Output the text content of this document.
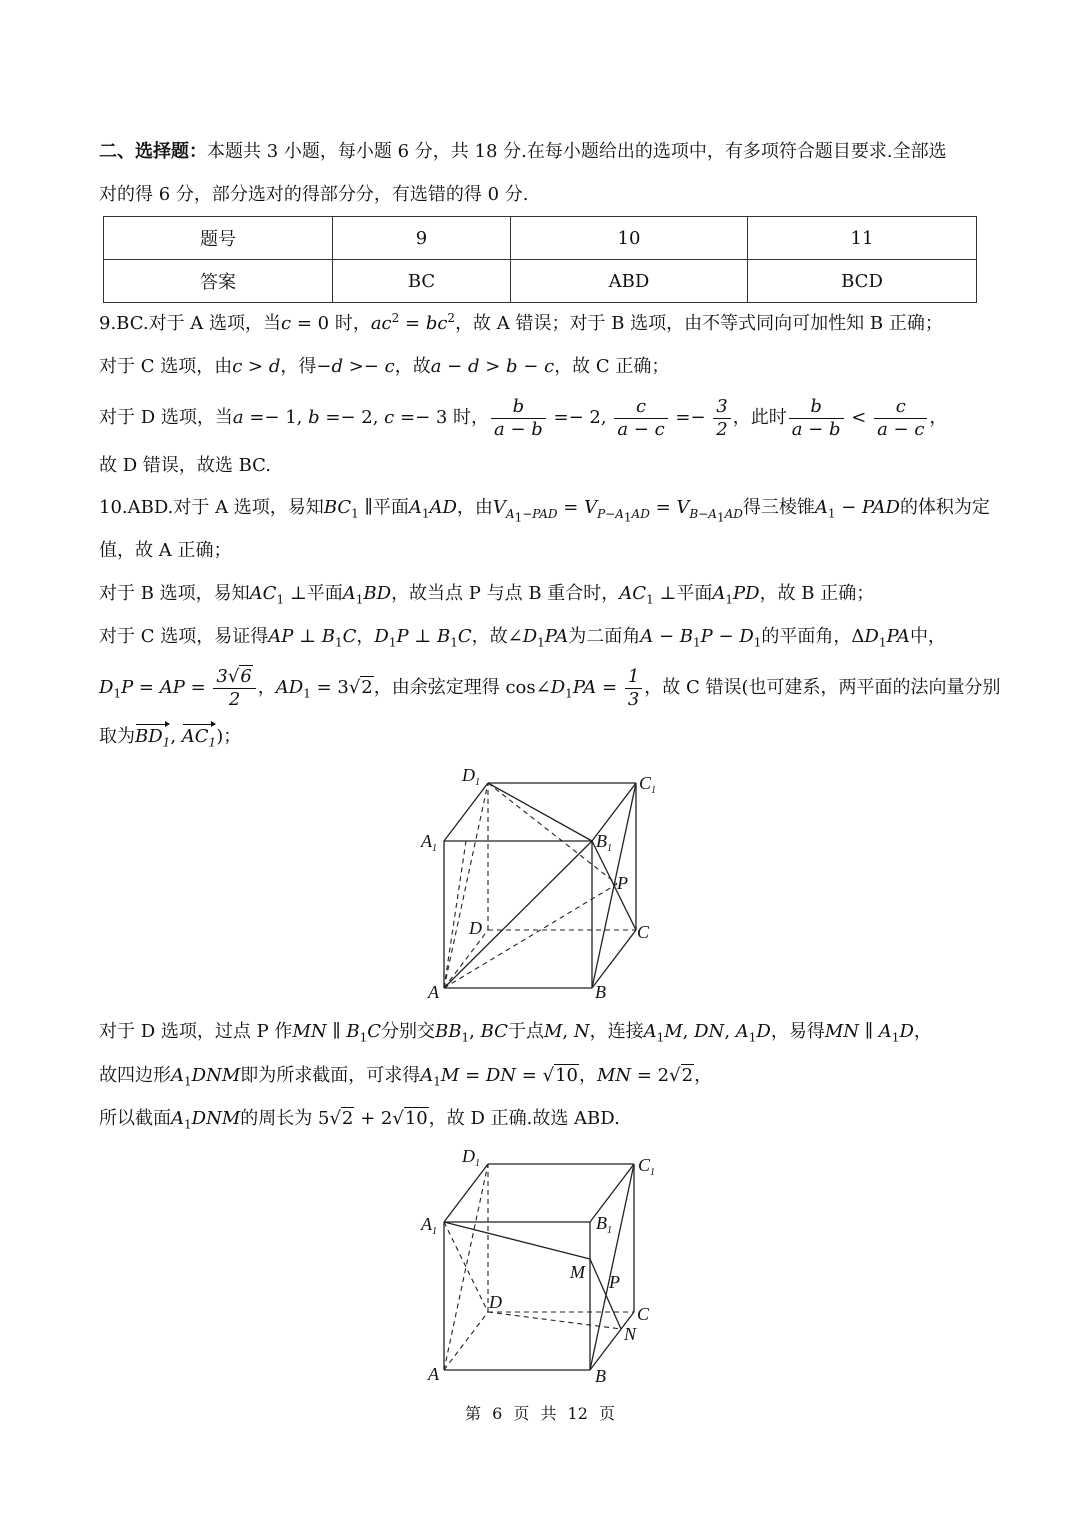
二、选择题：本题共 3 小题，每小题 6 分，共 18 分.在每小题给出的选项中，有多项符合题目要求.全部选
对的得 6 分，部分选对的得部分分，有选错的得 0 分.
题号	9	10	11
答案	BC	ABD	BCD
9.BC.对于 A 选项，当c = 0 时，$ac^2 = bc^2$，故 A 错误；对于 B 选项，由不等式同向可加性知 B 正确；
对于 C 选项，由c > d，得−d >− c，故a − d > b − c，故 C 正确；
对于 D 选项，当a =− 1, b =− 2, c =− 3 时， $\frac{b}{a - b} =- 2$, $\frac{c}{a - c} =- \frac{3}{2}$ ，此时 $\frac{b}{a - b} < \frac{c}{a - c}$ ，
故 D 错误，故选 BC.
10.ABD.对于 A 选项，易知$BC_1$ ∥平面$A_1AD$，由$V_{A_1-PAD} = V_{P-A_1AD} = V_{B-A_1AD}$得三棱锥$A_1$ − PAD的体积为定
值，故 A 正确；
对于 B 选项，易知$AC_1$ ⊥平面$A_1BD$，故当点 P 与点 B 重合时，$AC_1$ ⊥平面$A_1PD$，故 B 正确；
对于 C 选项，易证得AP ⊥ $B_1C$，$D_1P$ ⊥ $B_1C$，故$\angle D_1PA$为二面角$A - B_1P - D_1$的平面角，$\Delta D_1PA$中，
$D_1P$ = AP = $\frac{3√6}{2}$ ，$AD_1 = 3√2$，由余弦定理得 $\cos\angle D_1PA = \frac{1}{3}$ ，故 C 错误(也可建系，两平面的法向量分别
取为$BD_1$, $AC_1$)；
$D_1$	$C_1$
$A_1$	$B_1$
P
D	C
A	B
对于 D 选项，过点 P 作MN ∥ $B_1C$分别交$BB_1$, BC于点M, N，连接$A_1M$, DN, $A_1D$，易得MN ∥ $A_1D$，
故四边形$A_1DNM$即为所求截面，可求得$A_1M$ = DN = √10，MN = 2√2，
所以截面$A_1DNM$的周长为 5√2 + 2√10，故 D 正确.故选 ABD.
$D_1$	$C_1$
$A_1$	$B_1$
M P
D
C
N
A	B
第 6 页 共 12 页
